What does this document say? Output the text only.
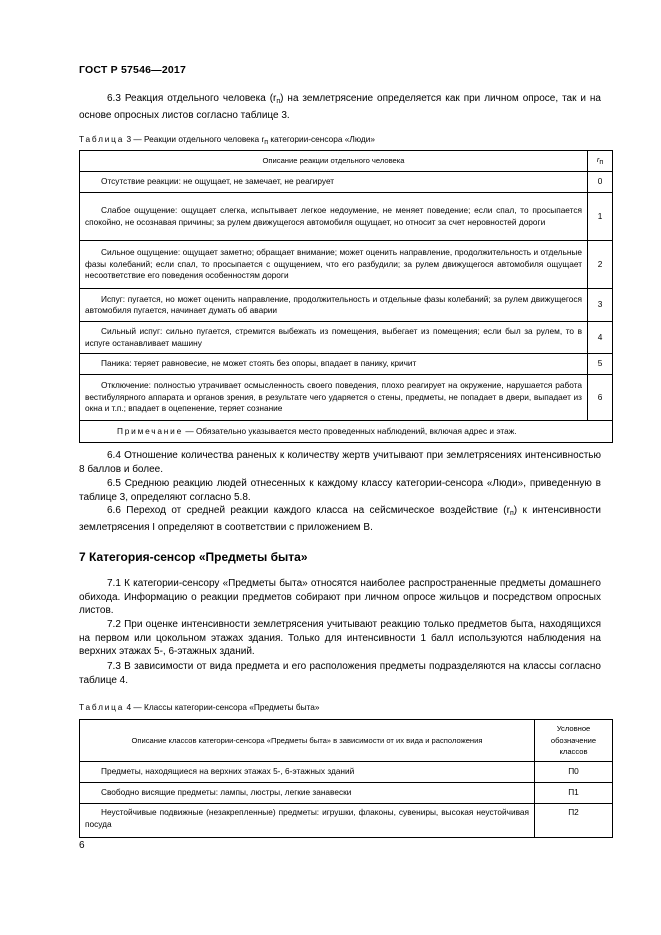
ГОСТ Р 57546—2017
6.3 Реакция отдельного человека $(r_п)$ на землетрясение определяется как при личном опросе, так и на основе опросных листов согласно таблице 3.
Таблица 3 — Реакции отдельного человека $r_п$ категории-сенсора «Люди»
Описание реакции отдельного человека	rп

Отсутствие реакции: не ощущает, не замечает, не реагирует	0

Слабое ощущение: ощущает слегка, испытывает легкое недоумение, не меняет поведение; если спал, то просыпается спокойно, не осознавая причины; за рулем движущегося автомобиля ощущает, но относит за счет неровностей дороги	1

Сильное ощущение: ощущает заметно; обращает внимание; может оценить направление, продолжительность и отдельные фазы колебаний; если спал, то просыпается с ощущением, что его разбудили; за рулем движущегося автомобиля ощущает несоответствие его поведения особенностям дороги	2

Испуг: пугается, но может оценить направление, продолжительность и отдельные фазы колебаний; за рулем движущегося автомобиля пугается, начинает думать об аварии	3

Сильный испуг: сильно пугается, стремится выбежать из помещения, выбегает из помещения; если был за рулем, то в испуге останавливает машину	4

Паника: теряет равновесие, не может стоять без опоры, впадает в панику, кричит	5

Отключение: полностью утрачивает осмысленность своего поведения, плохо реагирует на окружение, нарушается работа вестибулярного аппарата и органов зрения, в результате чего ударяется о стены, предметы, не попадает в двери, выпадает из окна и т.п.; впадает в оцепенение, теряет сознание	6
Примечание — Обязательно указывается место проведенных наблюдений, включая адрес и этаж.	
6.4 Отношение количества раненых к количеству жертв учитывают при землетрясениях интенсивностью 8 баллов и более.
6.5 Среднюю реакцию людей отнесенных к каждому классу категории-сенсора «Люди», приведенную в таблице 3, определяют согласно 5.8.
6.6 Переход от средней реакции каждого класса на сейсмическое воздействие $(r_п)$ к интенсивности землетрясения I определяют в соответствии с приложением В.
7 Категория-сенсор «Предметы быта»
7.1 К категории-сенсору «Предметы быта» относятся наиболее распространенные предметы домашнего обихода. Информацию о реакции предметов собирают при личном опросе жильцов и посредством опросных листов.
7.2 При оценке интенсивности землетрясения учитывают реакцию только предметов быта, находящихся на первом или цокольном этажах здания. Только для интенсивности 1 балл используются наблюдения на верхних этажах 5-, 6-этажных зданий.
7.3 В зависимости от вида предмета и его расположения предметы подразделяются на классы согласно таблице 4.
Таблица 4 — Классы категории-сенсора «Предметы быта»
Описание классов категории-сенсора «Предметы быта» в зависимости от их вида и расположения	Условное обозначение классов

Предметы, находящиеся на верхних этажах 5-, 6-этажных зданий	П0

Свободно висящие предметы: лампы, люстры, легкие занавески	П1

Неустойчивые подвижные (незакрепленные) предметы: игрушки, флаконы, сувениры, высокая неустойчивая посуда	П2
6
